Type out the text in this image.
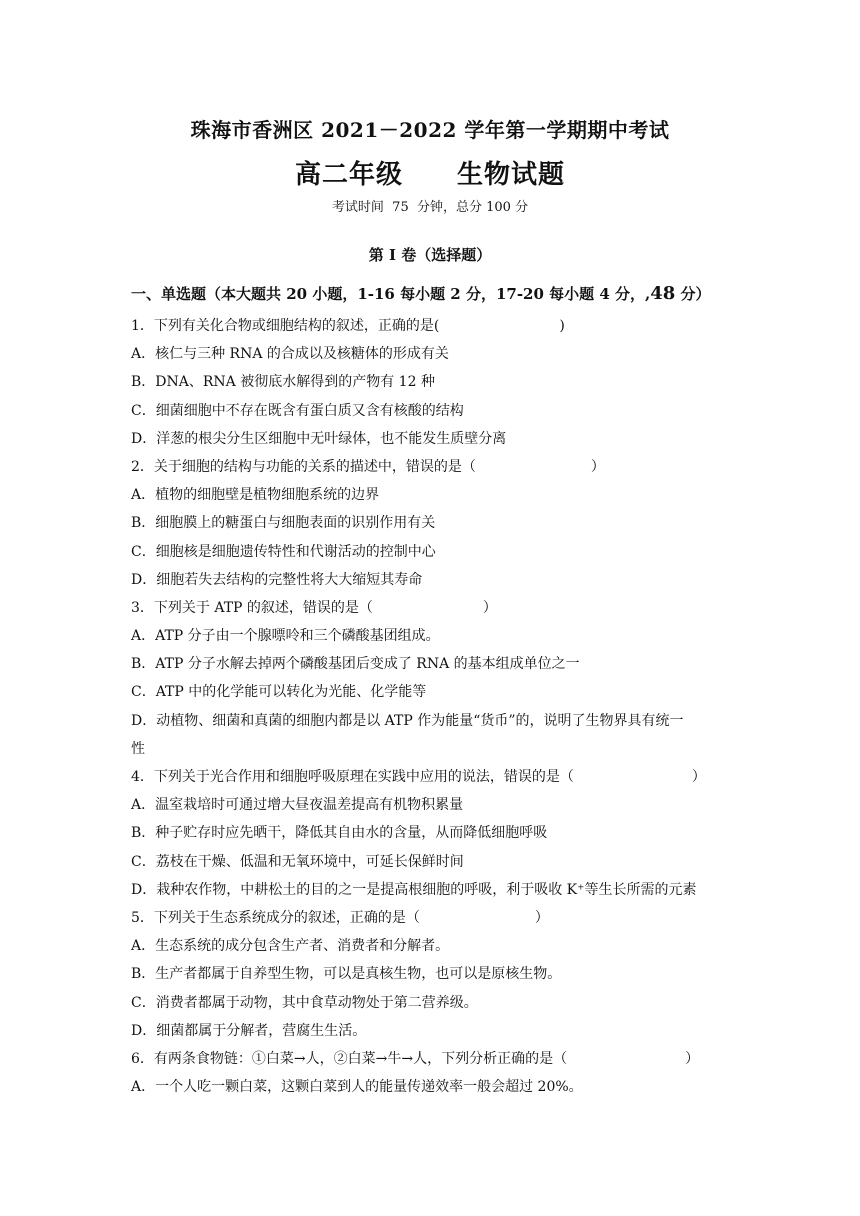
珠海市香洲区 2021－2022 学年第一学期期中考试
高二年级　　生物试题
考试时间  75  分钟，总分 100 分
第 I 卷（选择题）
一、单选题（本大题共 20 小题，1-16 每小题 2 分，17-20 每小题 4 分，,48 分）
1．下列有关化合物或细胞结构的叙述，正确的是(	)
A．核仁与三种 RNA 的合成以及核糖体的形成有关
B．DNA、RNA 被彻底水解得到的产物有 12 种
C．细菌细胞中不存在既含有蛋白质又含有核酸的结构
D．洋葱的根尖分生区细胞中无叶绿体，也不能发生质壁分离
2．关于细胞的结构与功能的关系的描述中，错误的是（	）
A．植物的细胞壁是植物细胞系统的边界
B．细胞膜上的糖蛋白与细胞表面的识别作用有关
C．细胞核是细胞遗传特性和代谢活动的控制中心
D．细胞若失去结构的完整性将大大缩短其寿命
3．下列关于 ATP 的叙述，错误的是（	）
A．ATP 分子由一个腺嘌呤和三个磷酸基团组成。
B．ATP 分子水解去掉两个磷酸基团后变成了 RNA 的基本组成单位之一
C．ATP 中的化学能可以转化为光能、化学能等
D．动植物、细菌和真菌的细胞内都是以 ATP 作为能量“货币”的，说明了生物界具有统一
性
4．下列关于光合作用和细胞呼吸原理在实践中应用的说法，错误的是（	）
A．温室栽培时可通过增大昼夜温差提高有机物积累量
B．种子贮存时应先晒干，降低其自由水的含量，从而降低细胞呼吸
C．荔枝在干燥、低温和无氧环境中，可延长保鲜时间
D．栽种农作物，中耕松土的目的之一是提高根细胞的呼吸，利于吸收 K⁺等生长所需的元素
5．下列关于生态系统成分的叙述，正确的是（	）
A．生态系统的成分包含生产者、消费者和分解者。
B．生产者都属于自养型生物，可以是真核生物，也可以是原核生物。
C．消费者都属于动物，其中食草动物处于第二营养级。
D．细菌都属于分解者，营腐生生活。
6．有两条食物链：①白菜→人，②白菜→牛→人，下列分析正确的是（	）
A．一个人吃一颗白菜，这颗白菜到人的能量传递效率一般会超过 20%。
